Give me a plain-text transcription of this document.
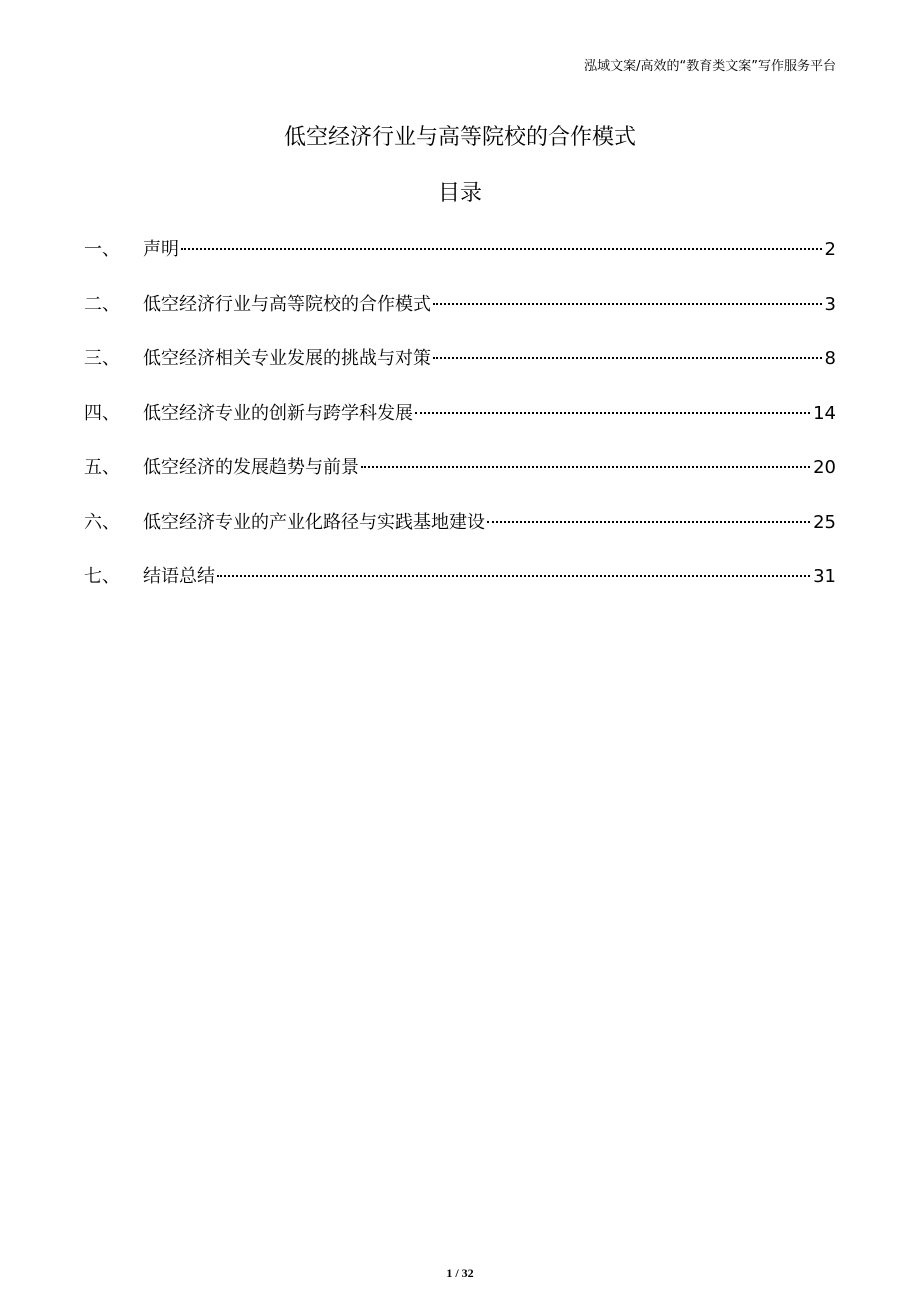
泓域文案/高效的“教育类文案”写作服务平台
低空经济行业与高等院校的合作模式
目录
一、	声明	2
二、	低空经济行业与高等院校的合作模式	3
三、	低空经济相关专业发展的挑战与对策	8
四、	低空经济专业的创新与跨学科发展	14
五、	低空经济的发展趋势与前景	20
六、	低空经济专业的产业化路径与实践基地建设	25
七、	结语总结	31
1 / 32
